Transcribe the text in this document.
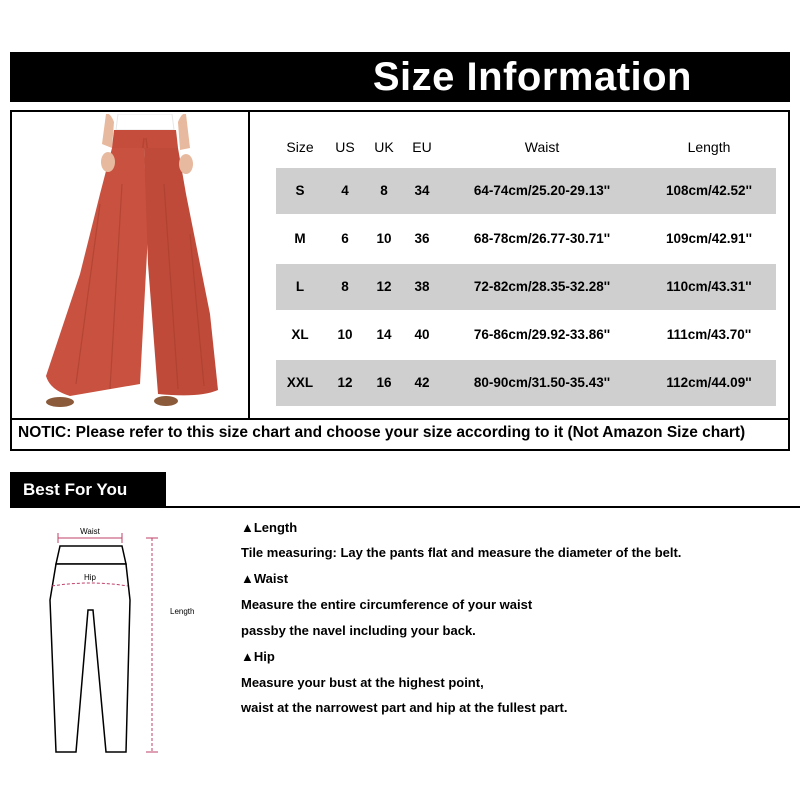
Size Information
Size	US	UK	EU	Waist	Length
S	4	8	34	64-74cm/25.20-29.13''	108cm/42.52''
M	6	10	36	68-78cm/26.77-30.71''	109cm/42.91''
L	8	12	38	72-82cm/28.35-32.28''	110cm/43.31''
XL	10	14	40	76-86cm/29.92-33.86''	111cm/43.70''
XXL	12	16	42	80-90cm/31.50-35.43''	112cm/44.09''
NOTIC: Please refer to this size chart and choose your size according to it (Not Amazon Size chart)
Best For You
Waist
Hip
Length
▲Length
Tile measuring: Lay the pants flat and measure the diameter of the belt.
▲Waist
Measure the entire circumference of your waist
passby the navel including your back.
▲Hip
Measure your bust at the highest point,
waist at the narrowest part and hip at the fullest part.
